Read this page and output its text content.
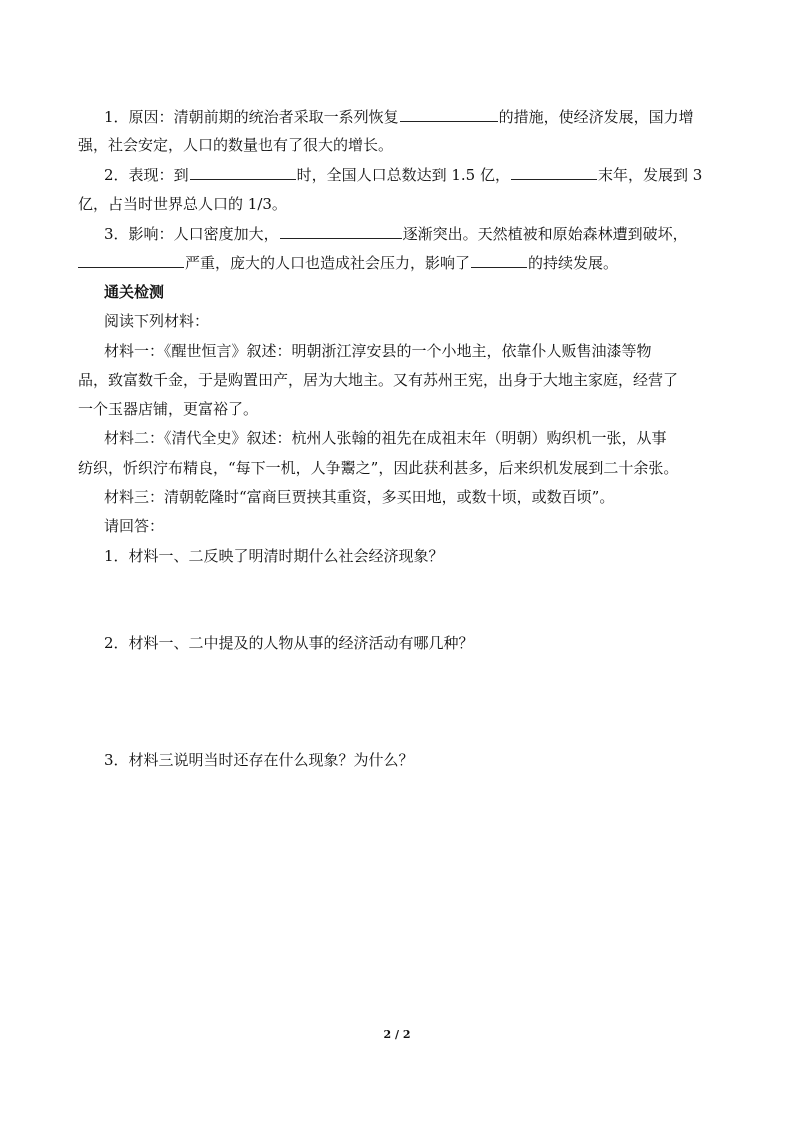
1．原因：清朝前期的统治者采取一系列恢复	的措施，使经济发展，国力增
强，社会安定，人口的数量也有了很大的增长。
2．表现：到	时，全国人口总数达到 1.5 亿，	末年，发展到 3
亿，占当时世界总人口的 1/3。
3．影响：人口密度加大，	逐渐突出。天然植被和原始森林遭到破坏，
严重，庞大的人口也造成社会压力，影响了	的持续发展。
通关检测
阅读下列材料：
材料一：《醒世恒言》叙述：明朝浙江淳安县的一个小地主，依靠仆人贩售油漆等物
品，致富数千金，于是购置田产，居为大地主。又有苏州王宪，出身于大地主家庭，经营了
一个玉器店铺，更富裕了。
材料二：《清代全史》叙述：杭州人张翰的祖先在成祖末年（明朝）购织机一张，从事
纺织，忻织泞布精良，“每下一机，人争鬻之”，因此获利甚多，后来织机发展到二十余张。
材料三：清朝乾隆时“富商巨贾挟其重资，多买田地，或数十顷，或数百顷”。
请回答：
1．材料一、二反映了明清时期什么社会经济现象？
2．材料一、二中提及的人物从事的经济活动有哪几种？
3．材料三说明当时还存在什么现象？为什么？
2 / 2
